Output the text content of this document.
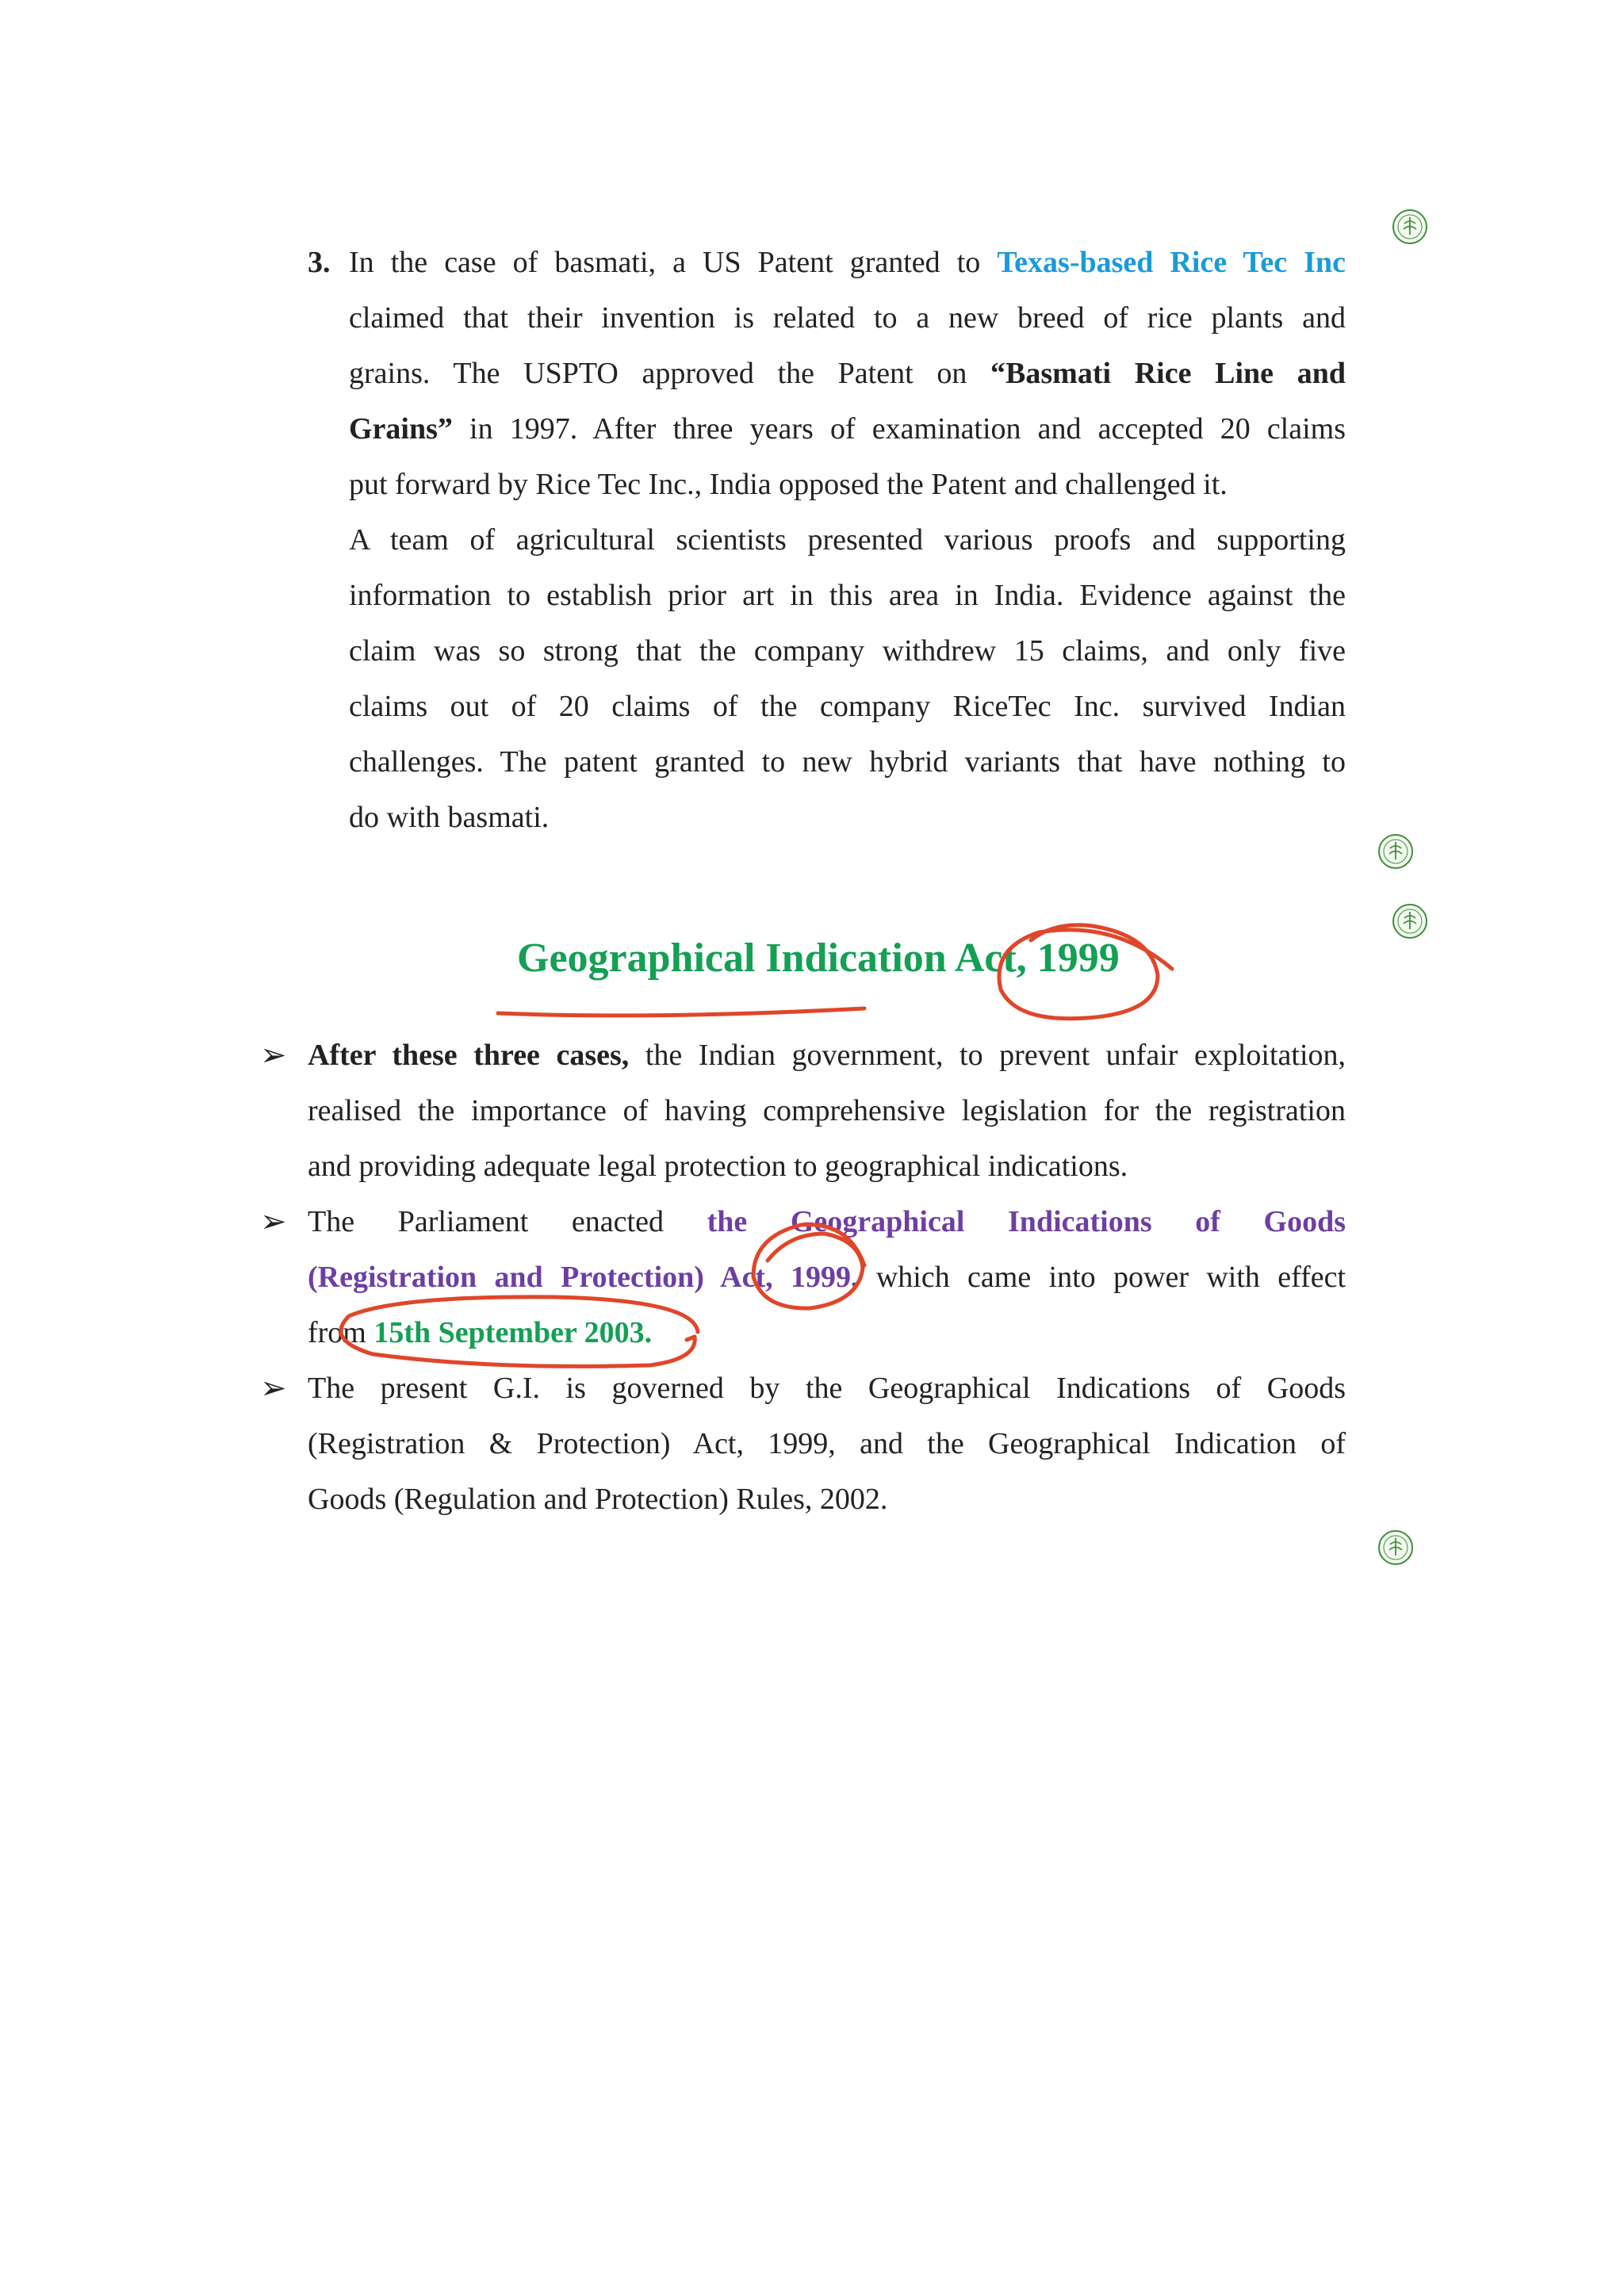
3. In the case of basmati, a US Patent granted to Texas-based Rice Tec Inc
claimed that their invention is related to a new breed of rice plants and
grains. The USPTO approved the Patent on “Basmati Rice Line and
Grains” in 1997. After three years of examination and accepted 20 claims
put forward by Rice Tec Inc., India opposed the Patent and challenged it.
A team of agricultural scientists presented various proofs and supporting
information to establish prior art in this area in India. Evidence against the
claim was so strong that the company withdrew 15 claims, and only five
claims out of 20 claims of the company RiceTec Inc. survived Indian
challenges. The patent granted to new hybrid variants that have nothing to
do with basmati.
Geographical Indication Act, 1999
➢ After these three cases, the Indian government, to prevent unfair exploitation,
realised the importance of having comprehensive legislation for the registration
and providing adequate legal protection to geographical indications.
➢ The Parliament enacted the Geographical Indications of Goods
(Registration and Protection) Act, 1999, which came into power with effect
from 15th September 2003.
➢ The present G.I. is governed by the Geographical Indications of Goods
(Registration & Protection) Act, 1999, and the Geographical Indication of
Goods (Regulation and Protection) Rules, 2002.
